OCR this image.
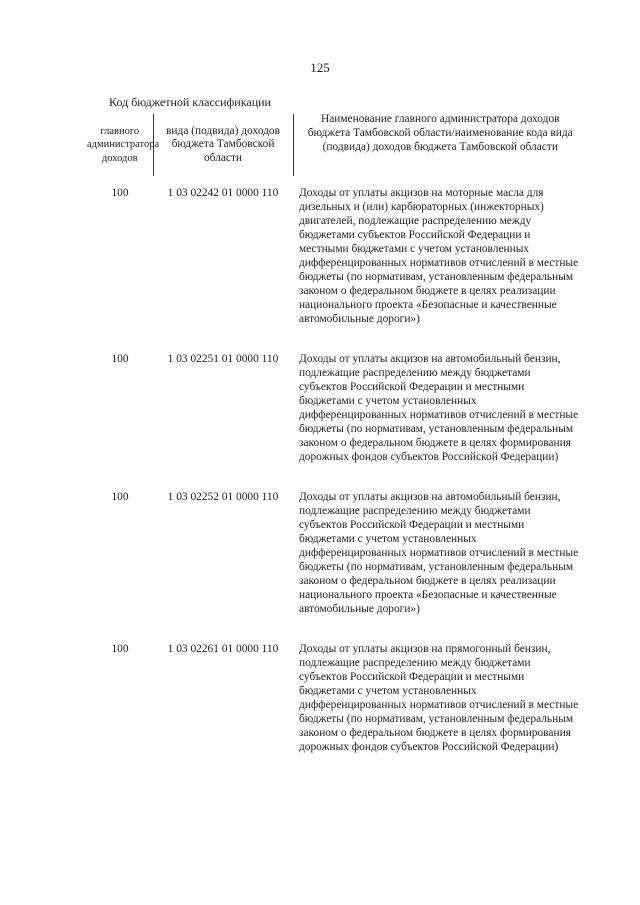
125
Код бюджетной классификации		Наименование главного администратора доходов бюджета Тамбовской области/наименование кода вида (подвида) доходов бюджета Тамбовской области
главного администратора доходов	вида (подвида) доходов бюджета Тамбовской области	
100	1 03 02242 01 0000 110	Доходы от уплаты акцизов на моторные масла для дизельных и (или) карбюраторных (инжекторных) двигателей, подлежащие распределению между бюджетами субъектов Российской Федерации и местными бюджетами с учетом установленных дифференцированных нормативов отчислений в местные бюджеты (по нормативам, установленным федеральным законом о федеральном бюджете в целях реализации национального проекта «Безопасные и качественные автомобильные дороги»)
100	1 03 02251 01 0000 110	Доходы от уплаты акцизов на автомобильный бензин, подлежащие распределению между бюджетами субъектов Российской Федерации и местными бюджетами с учетом установленных дифференцированных нормативов отчислений в местные бюджеты (по нормативам, установленным федеральным законом о федеральном бюджете в целях формирования дорожных фондов субъектов Российской Федерации)
100	1 03 02252 01 0000 110	Доходы от уплаты акцизов на автомобильный бензин, подлежащие распределению между бюджетами субъектов Российской Федерации и местными бюджетами с учетом установленных дифференцированных нормативов отчислений в местные бюджеты (по нормативам, установленным федеральным законом о федеральном бюджете в целях реализации национального проекта «Безопасные и качественные автомобильные дороги»)
100	1 03 02261 01 0000 110	Доходы от уплаты акцизов на прямогонный бензин, подлежащие распределению между бюджетами субъектов Российской Федерации и местными бюджетами с учетом установленных дифференцированных нормативов отчислений в местные бюджеты (по нормативам, установленным федеральным законом о федеральном бюджете в целях формирования дорожных фондов субъектов Российской Федерации)
